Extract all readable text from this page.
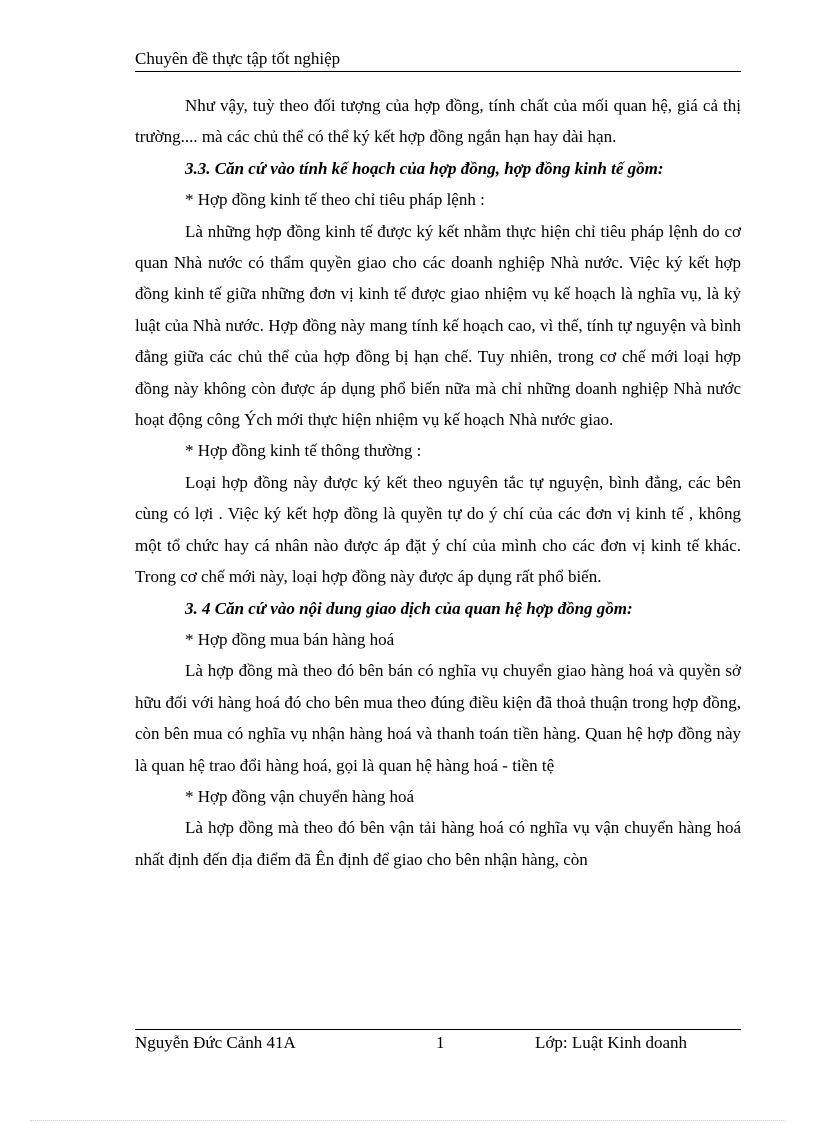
Chuyên đề thực tập tốt nghiệp

Như vậy, tuỳ theo đối tượng của hợp đồng, tính chất của mối quan hệ, giá cả thị trường.... mà các chủ thể có thể ký kết hợp đồng ngắn hạn hay dài hạn.

3.3. Căn cứ vào tính kế hoạch của hợp đồng, hợp đồng kinh tế gồm:

* Hợp đồng kinh tế theo chỉ tiêu pháp lệnh :

Là những hợp đồng kinh tế được ký kết nhằm thực hiện chỉ tiêu pháp lệnh do cơ quan Nhà nước có thẩm quyền giao cho các doanh nghiệp Nhà nước. Việc ký kết hợp đồng kinh tế giữa những đơn vị kinh tế được giao nhiệm vụ kế hoạch là nghĩa vụ, là kỷ luật của Nhà nước. Hợp đồng này mang tính kế hoạch cao, vì thế, tính tự nguyện và bình đẳng giữa các chủ thể của hợp đồng bị hạn chế. Tuy nhiên, trong cơ chế mới loại hợp đồng này không còn được áp dụng phổ biến nữa mà chỉ những doanh nghiệp Nhà nước hoạt động công Ých mới thực hiện nhiệm vụ kế hoạch Nhà nước giao.

* Hợp đồng kinh tế thông thường :

Loại hợp đồng này được ký kết theo nguyên tắc tự nguyện, bình đẳng, các bên cùng có lợi . Việc ký kết hợp đồng là quyền tự do ý chí của các đơn vị kinh tế , không một tổ chức hay cá nhân nào được áp đặt ý chí của mình cho các đơn vị kinh tế khác. Trong cơ chế mới này, loại hợp đồng này được áp dụng rất phổ biến.

3. 4 Căn cứ vào nội dung giao dịch của quan hệ hợp đồng gồm:

* Hợp đồng mua bán hàng hoá

Là hợp đồng mà theo đó bên bán có nghĩa vụ chuyển giao hàng hoá và quyền sở hữu đối với hàng hoá đó cho bên mua theo đúng điều kiện đã thoả thuận trong hợp đồng, còn bên mua có nghĩa vụ nhận hàng hoá và thanh toán tiền hàng. Quan hệ hợp đồng này là quan hệ trao đổi hàng hoá, gọi là quan hệ hàng hoá - tiền tệ

* Hợp đồng vận chuyển hàng hoá

Là hợp đồng mà theo đó bên vận tải hàng hoá có nghĩa vụ vận chuyển hàng hoá nhất định đến địa điểm đã Ên định để giao cho bên nhận hàng, còn

Nguyễn Đức Cảnh 41A	1	Lớp: Luật Kinh doanh
